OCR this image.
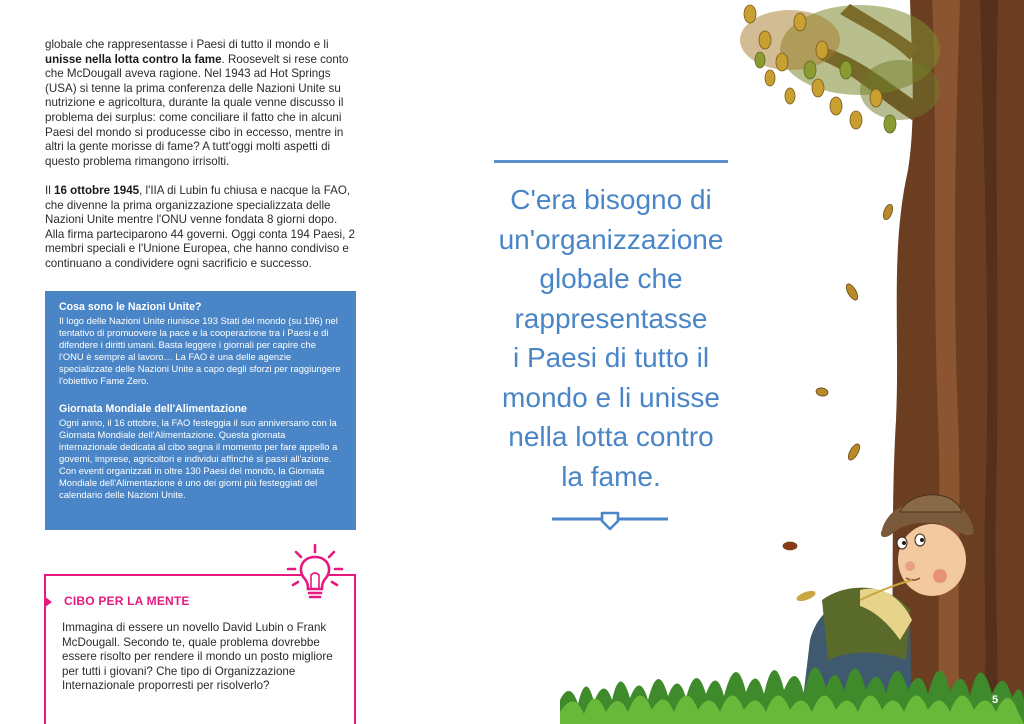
globale che rappresentasse i Paesi di tutto il mondo e li unisse nella lotta contro la fame. Roosevelt si rese conto che McDougall aveva ragione. Nel 1943 ad Hot Springs (USA) si tenne la prima conferenza delle Nazioni Unite su nutrizione e agricoltura, durante la quale venne discusso il problema dei surplus: come conciliare il fatto che in alcuni Paesi del mondo si producesse cibo in eccesso, mentre in altri la gente morisse di fame? A tutt'oggi molti aspetti di questo problema rimangono irrisolti.

Il 16 ottobre 1945, l'IIA di Lubin fu chiusa e nacque la FAO, che divenne la prima organizzazione specializzata delle Nazioni Unite mentre l'ONU venne fondata 8 giorni dopo. Alla firma parteciparono 44 governi. Oggi conta 194 Paesi, 2 membri speciali e l'Unione Europea, che hanno condiviso e continuano a condividere ogni sacrificio e successo.

Cosa sono le Nazioni Unite?

Il logo delle Nazioni Unite riunisce 193 Stati del mondo (su 196) nel tentativo di promuovere la pace e la cooperazione tra i Paesi e di difendere i diritti umani. Basta leggere i giornali per capire che l'ONU è sempre al lavoro… La FAO è una delle agenzie specializzate delle Nazioni Unite a capo degli sforzi per raggiungere l'obiettivo Fame Zero.

Giornata Mondiale dell'Alimentazione

Ogni anno, il 16 ottobre, la FAO festeggia il suo anniversario con la Giornata Mondiale dell'Alimentazione. Questa giornata internazionale dedicata al cibo segna il momento per fare appello a governi, imprese, agricoltori e individui affinché si passi all'azione. Con eventi organizzati in oltre 130 Paesi del mondo, la Giornata Mondiale dell'Alimentazione è uno dei giorni più festeggiati del calendario delle Nazioni Unite.

CIBO PER LA MENTE

Immagina di essere un novello David Lubin o Frank McDougall. Secondo te, quale problema dovrebbe essere risolto per rendere il mondo un posto migliore per tutti i giovani? Che tipo di Organizzazione Internazionale proporresti per risolverlo?

C'era bisogno di
un'organizzazione
globale che
rappresentasse
i Paesi di tutto il
mondo e li unisse
nella lotta contro
la fame.
5
